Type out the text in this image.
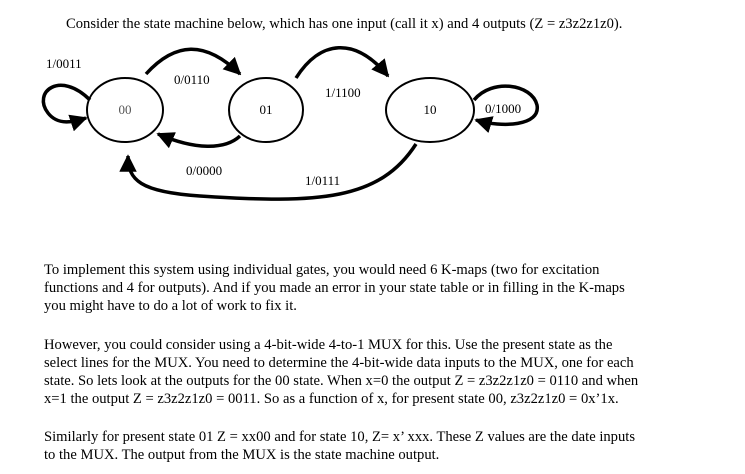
Consider the state machine below, which has one input (call it x) and 4 outputs (Z = z3z2z1z0).
00	01	10
1/0011
0/0110
0/0000
1/1100
0/1000
1/0111
To implement this system using individual gates, you would need 6 K-maps (two for excitation
functions and 4 for outputs). And if you made an error in your state table or in filling in the K-maps
you might have to do a lot of work to fix it.
However, you could consider using a 4-bit-wide 4-to-1 MUX for this. Use the present state as the
select lines for the MUX. You need to determine the 4-bit-wide data inputs to the MUX, one for each
state. So lets look at the outputs for the 00 state. When x=0 the output Z = z3z2z1z0 = 0110 and when
x=1 the output Z = z3z2z1z0 = 0011. So as a function of x, for present state 00, z3z2z1z0 = 0x’1x.
Similarly for present state 01 Z = xx00 and for state 10, Z= x’ xxx. These Z values are the date inputs
to the MUX. The output from the MUX is the state machine output.
